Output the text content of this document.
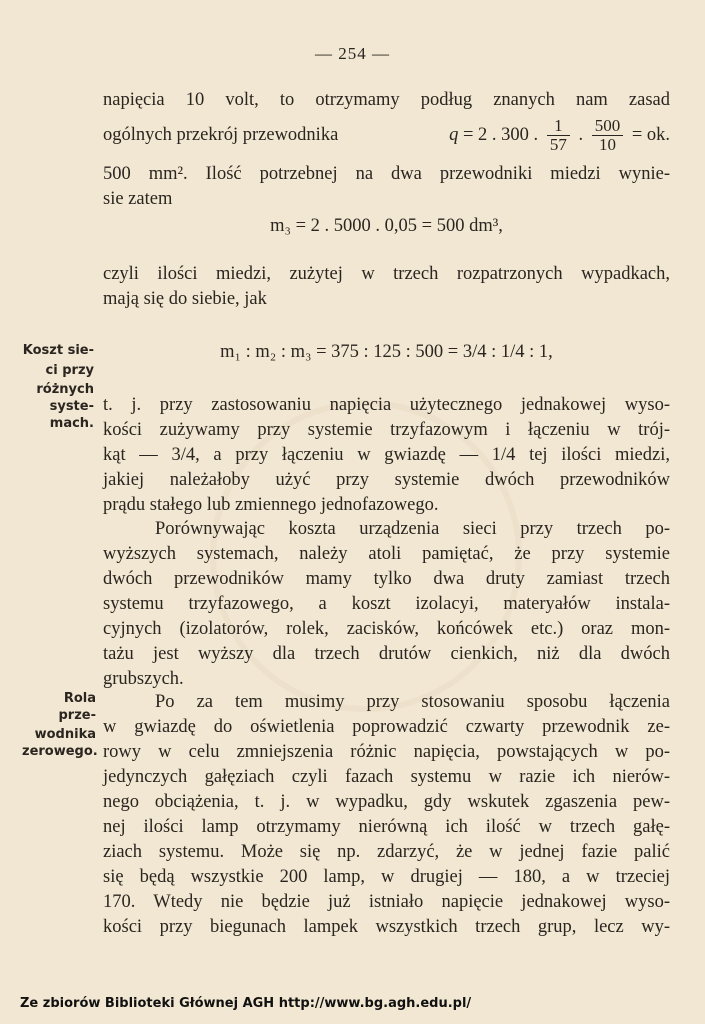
— 254 —
napięcia 10 volt, to otrzymamy podług znanych nam zasad
ogólnych przekrój przewodnika	q = 2 . 300 . $\frac{1}{57}$ . $\frac{500}{10}$ = ok.
500 mm². Ilość potrzebnej na dwa przewodniki miedzi wynie-
sie zatem
m₃ = 2 . 5000 . 0,05 = 500 dm³,
czyli ilości miedzi, zużytej w trzech rozpatrzonych wypadkach,
mają się do siebie, jak
m₁ : m₂ : m₃ = 375 : 125 : 500 = 3/4 : 1/4 : 1,
t. j. przy zastosowaniu napięcia użytecznego jednakowej wyso-
kości zużywamy przy systemie trzyfazowym i łączeniu w trój-
kąt — 3/4, a przy łączeniu w gwiazdę — 1/4 tej ilości miedzi,
jakiej należałoby użyć przy systemie dwóch przewodników
prądu stałego lub zmiennego jednofazowego.
Porównywając koszta urządzenia sieci przy trzech po-
wyższych systemach, należy atoli pamiętać, że przy systemie
dwóch przewodników mamy tylko dwa druty zamiast trzech
systemu trzyfazowego, a koszt izolacyi, materyałów instala-
cyjnych (izolatorów, rolek, zacisków, końcówek etc.) oraz mon-
tażu jest wyższy dla trzech drutów cienkich, niż dla dwóch
grubszych.
Po za tem musimy przy stosowaniu sposobu łączenia
w gwiazdę do oświetlenia poprowadzić czwarty przewodnik ze-
rowy w celu zmniejszenia różnic napięcia, powstających w po-
jedynczych gałęziach czyli fazach systemu w razie ich nierów-
nego obciążenia, t. j. w wypadku, gdy wskutek zgaszenia pew-
nej ilości lamp otrzymamy nierówną ich ilość w trzech gałę-
ziach systemu. Może się np. zdarzyć, że w jednej fazie palić
się będą wszystkie 200 lamp, w drugiej — 180, a w trzeciej
170. Wtedy nie będzie już istniało napięcie jednakowej wyso-
kości przy biegunach lampek wszystkich trzech grup, lecz wy-
Koszt sie-
ci przy
różnych
syste-
mach.
Rola prze-
wodnika
zerowego.
Ze zbiorów Biblioteki Głównej AGH http://www.bg.agh.edu.pl/
